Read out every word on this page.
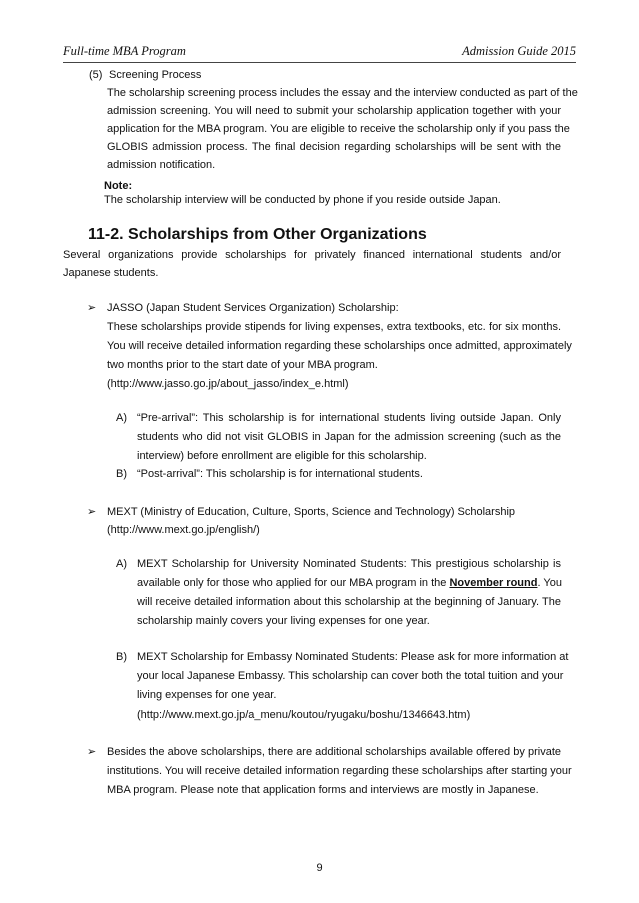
Full-time MBA Program	Admission Guide 2015
(5) Screening Process
The scholarship screening process includes the essay and the interview conducted as part of the
admission screening. You will need to submit your scholarship application together with your
application for the MBA program. You are eligible to receive the scholarship only if you pass the
GLOBIS admission process. The final decision regarding scholarships will be sent with the
admission notification.
Note:
The scholarship interview will be conducted by phone if you reside outside Japan.
11-2. Scholarships from Other Organizations
Several organizations provide scholarships for privately financed international students and/or
Japanese students.
➢ JASSO (Japan Student Services Organization) Scholarship:
These scholarships provide stipends for living expenses, extra textbooks, etc. for six months.
You will receive detailed information regarding these scholarships once admitted, approximately
two months prior to the start date of your MBA program.
(http://www.jasso.go.jp/about_jasso/index_e.html)
A) “Pre-arrival”: This scholarship is for international students living outside Japan. Only
students who did not visit GLOBIS in Japan for the admission screening (such as the
interview) before enrollment are eligible for this scholarship.
B) “Post-arrival”: This scholarship is for international students.
➢ MEXT (Ministry of Education, Culture, Sports, Science and Technology) Scholarship
(http://www.mext.go.jp/english/)
A) MEXT Scholarship for University Nominated Students: This prestigious scholarship is
available only for those who applied for our MBA program in the November round. You
will receive detailed information about this scholarship at the beginning of January. The
scholarship mainly covers your living expenses for one year.
B) MEXT Scholarship for Embassy Nominated Students: Please ask for more information at
your local Japanese Embassy. This scholarship can cover both the total tuition and your
living expenses for one year.
(http://www.mext.go.jp/a_menu/koutou/ryugaku/boshu/1346643.htm)
➢ Besides the above scholarships, there are additional scholarships available offered by private
institutions. You will receive detailed information regarding these scholarships after starting your
MBA program. Please note that application forms and interviews are mostly in Japanese.
9
